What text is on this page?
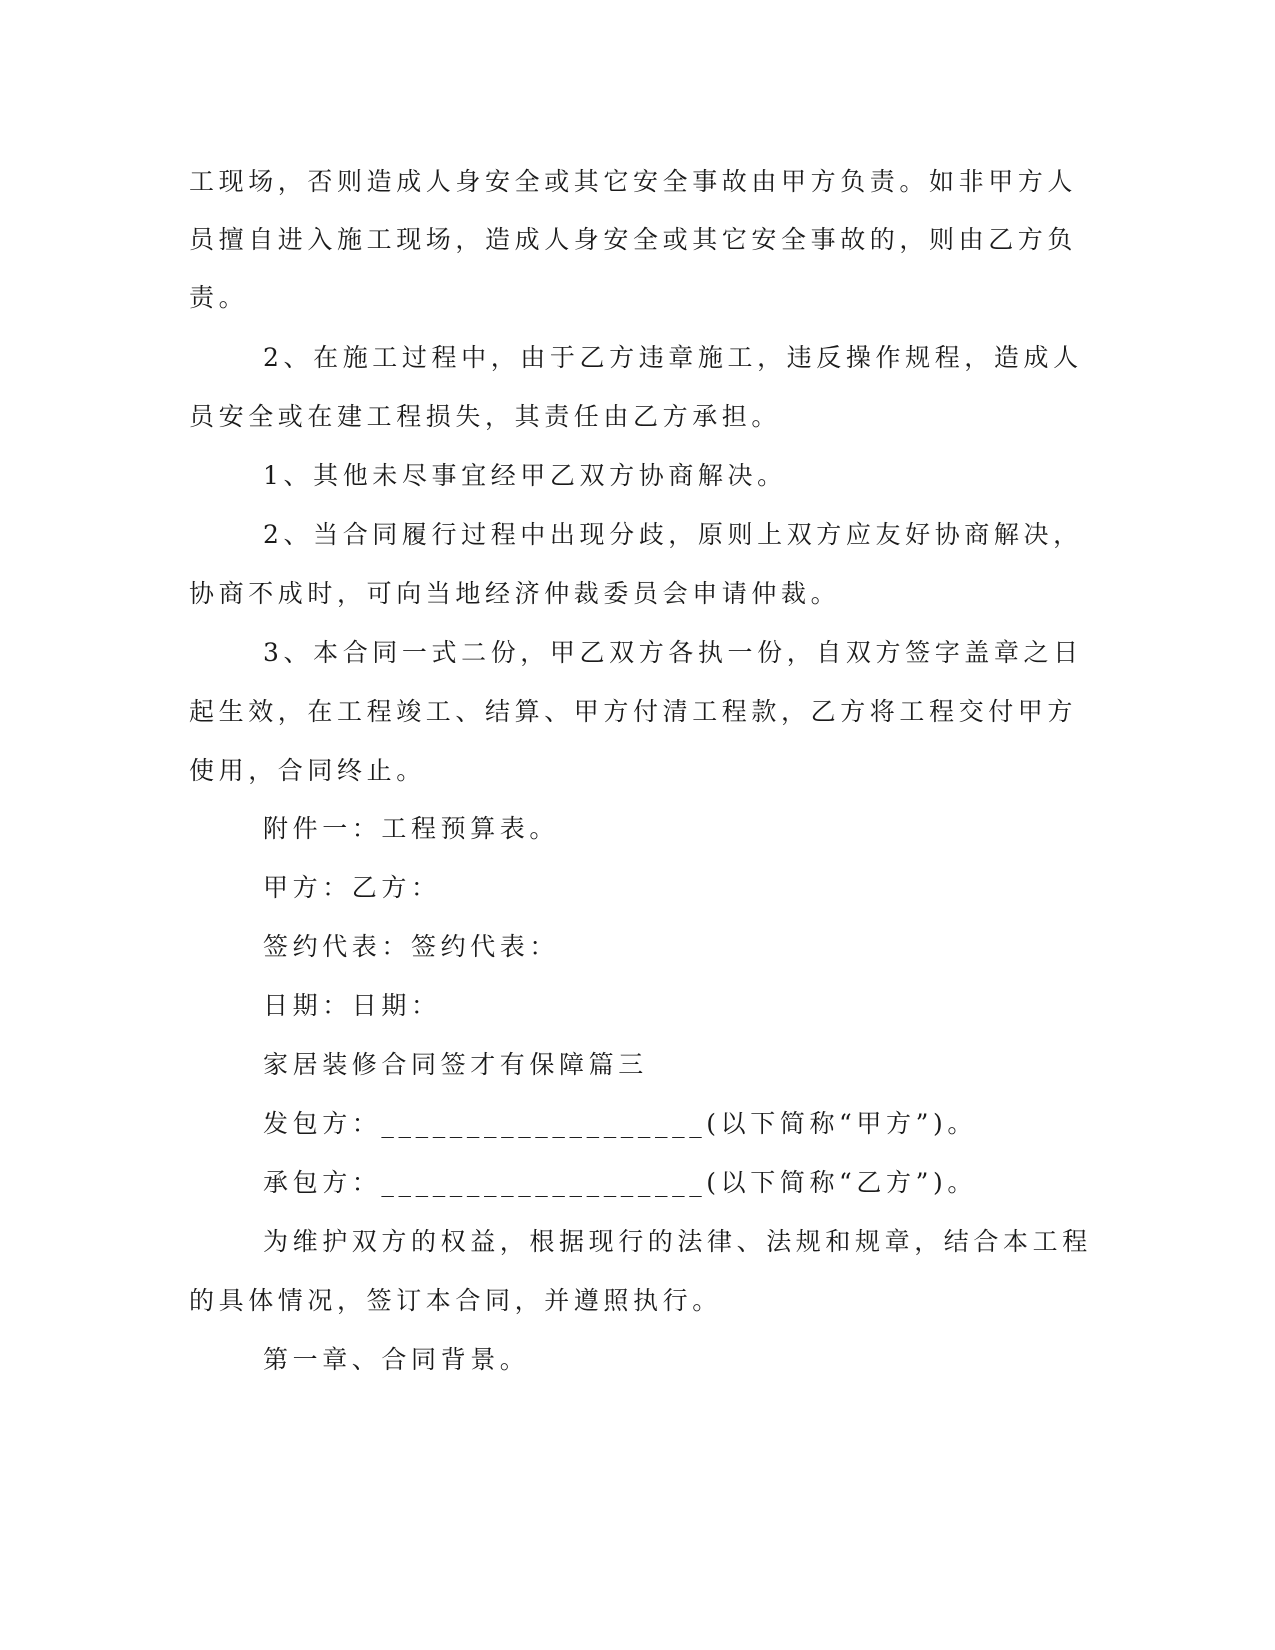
工现场，否则造成人身安全或其它安全事故由甲方负责。如非甲方人
员擅自进入施工现场，造成人身安全或其它安全事故的，则由乙方负
责。
2、在施工过程中，由于乙方违章施工，违反操作规程，造成人
员安全或在建工程损失，其责任由乙方承担。
1、其他未尽事宜经甲乙双方协商解决。
2、当合同履行过程中出现分歧，原则上双方应友好协商解决，
协商不成时，可向当地经济仲裁委员会申请仲裁。
3、本合同一式二份，甲乙双方各执一份，自双方签字盖章之日
起生效，在工程竣工、结算、甲方付清工程款，乙方将工程交付甲方
使用，合同终止。
附件一：工程预算表。
甲方：乙方：
签约代表：签约代表：
日期：日期：
家居装修合同签才有保障篇三
发包方：___________________(以下简称“甲方”)。
承包方：___________________(以下简称“乙方”)。
为维护双方的权益，根据现行的法律、法规和规章，结合本工程
的具体情况，签订本合同，并遵照执行。
第一章、合同背景。
